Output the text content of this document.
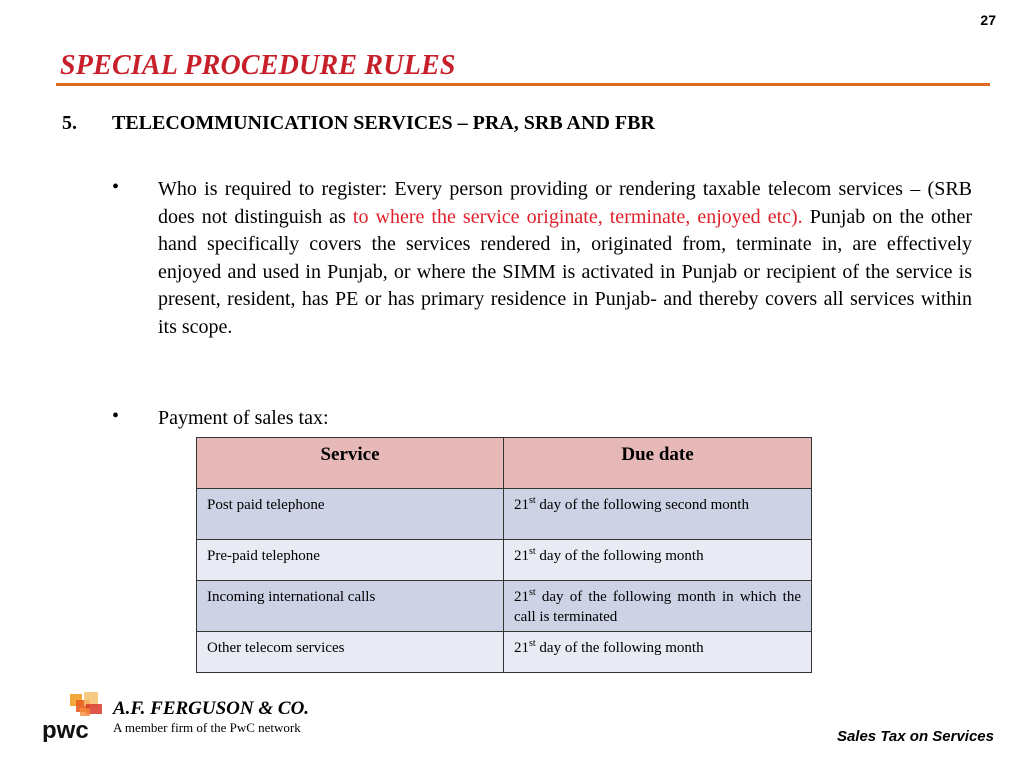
27
SPECIAL PROCEDURE RULES
5. TELECOMMUNICATION SERVICES – PRA, SRB AND FBR
• Who is required to register: Every person providing or rendering taxable telecom services – (SRB does not distinguish as to where the service originate, terminate, enjoyed etc). Punjab on the other hand specifically covers the services rendered in, originated from, terminate in, are effectively enjoyed and used in Punjab, or where the SIMM is activated in Punjab or recipient of the service is present, resident, has PE or has primary residence in Punjab- and thereby covers all services within its scope.
• Payment of sales tax:
Service	Due date
Post paid telephone	21st day of the following second month
Pre-paid telephone	21st day of the following month
Incoming international calls	21st day of the following month in which the call is terminated
Other telecom services	21st day of the following month
pwc
A.F. FERGUSON & CO.
A member firm of the PwC network
Sales Tax on Services
